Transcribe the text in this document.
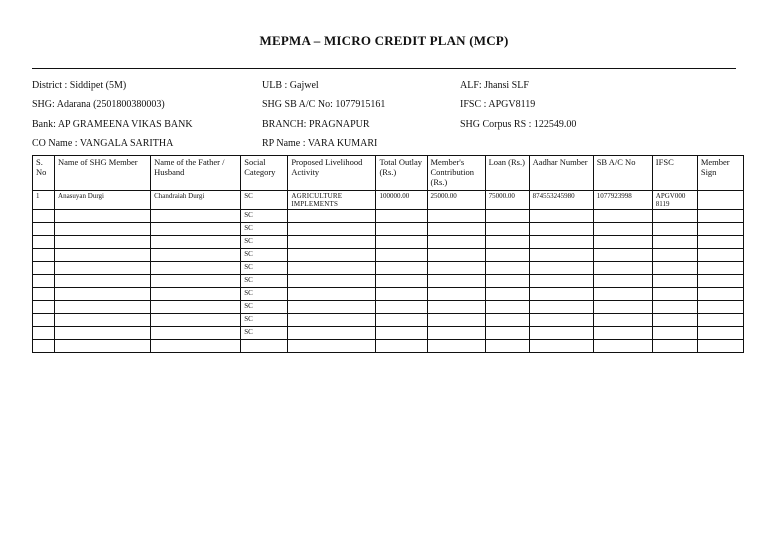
MEPMA – MICRO CREDIT PLAN (MCP)
District : Siddipet (5M)	ULB : Gajwel	ALF: Jhansi SLF
SHG: Adarana (2501800380003)	SHG SB A/C No: 1077915161	IFSC : APGV8119
Bank: AP GRAMEENA VIKAS BANK	BRANCH: PRAGNAPUR	SHG Corpus RS : 122549.00
CO Name : VANGALA SARITHA	RP Name : VARA KUMARI
S. No	Name of SHG Member	Name of the Father / Husband	Social Category	Proposed Livelihood Activity	Total Outlay (Rs.)	Member's Contribution (Rs.)	Loan (Rs.)	Aadhar Number	SB A/C No	IFSC	Member Sign
1	Anasuyan Durgi	Chandraiah Durgi	SC	AGRICULTURE IMPLEMENTS	100000.00	25000.00	75000.00	874553245980	1077923998	APGV000 8119	
			SC								
			SC								
			SC								
			SC								
			SC								
			SC								
			SC								
			SC								
			SC								
			SC								
